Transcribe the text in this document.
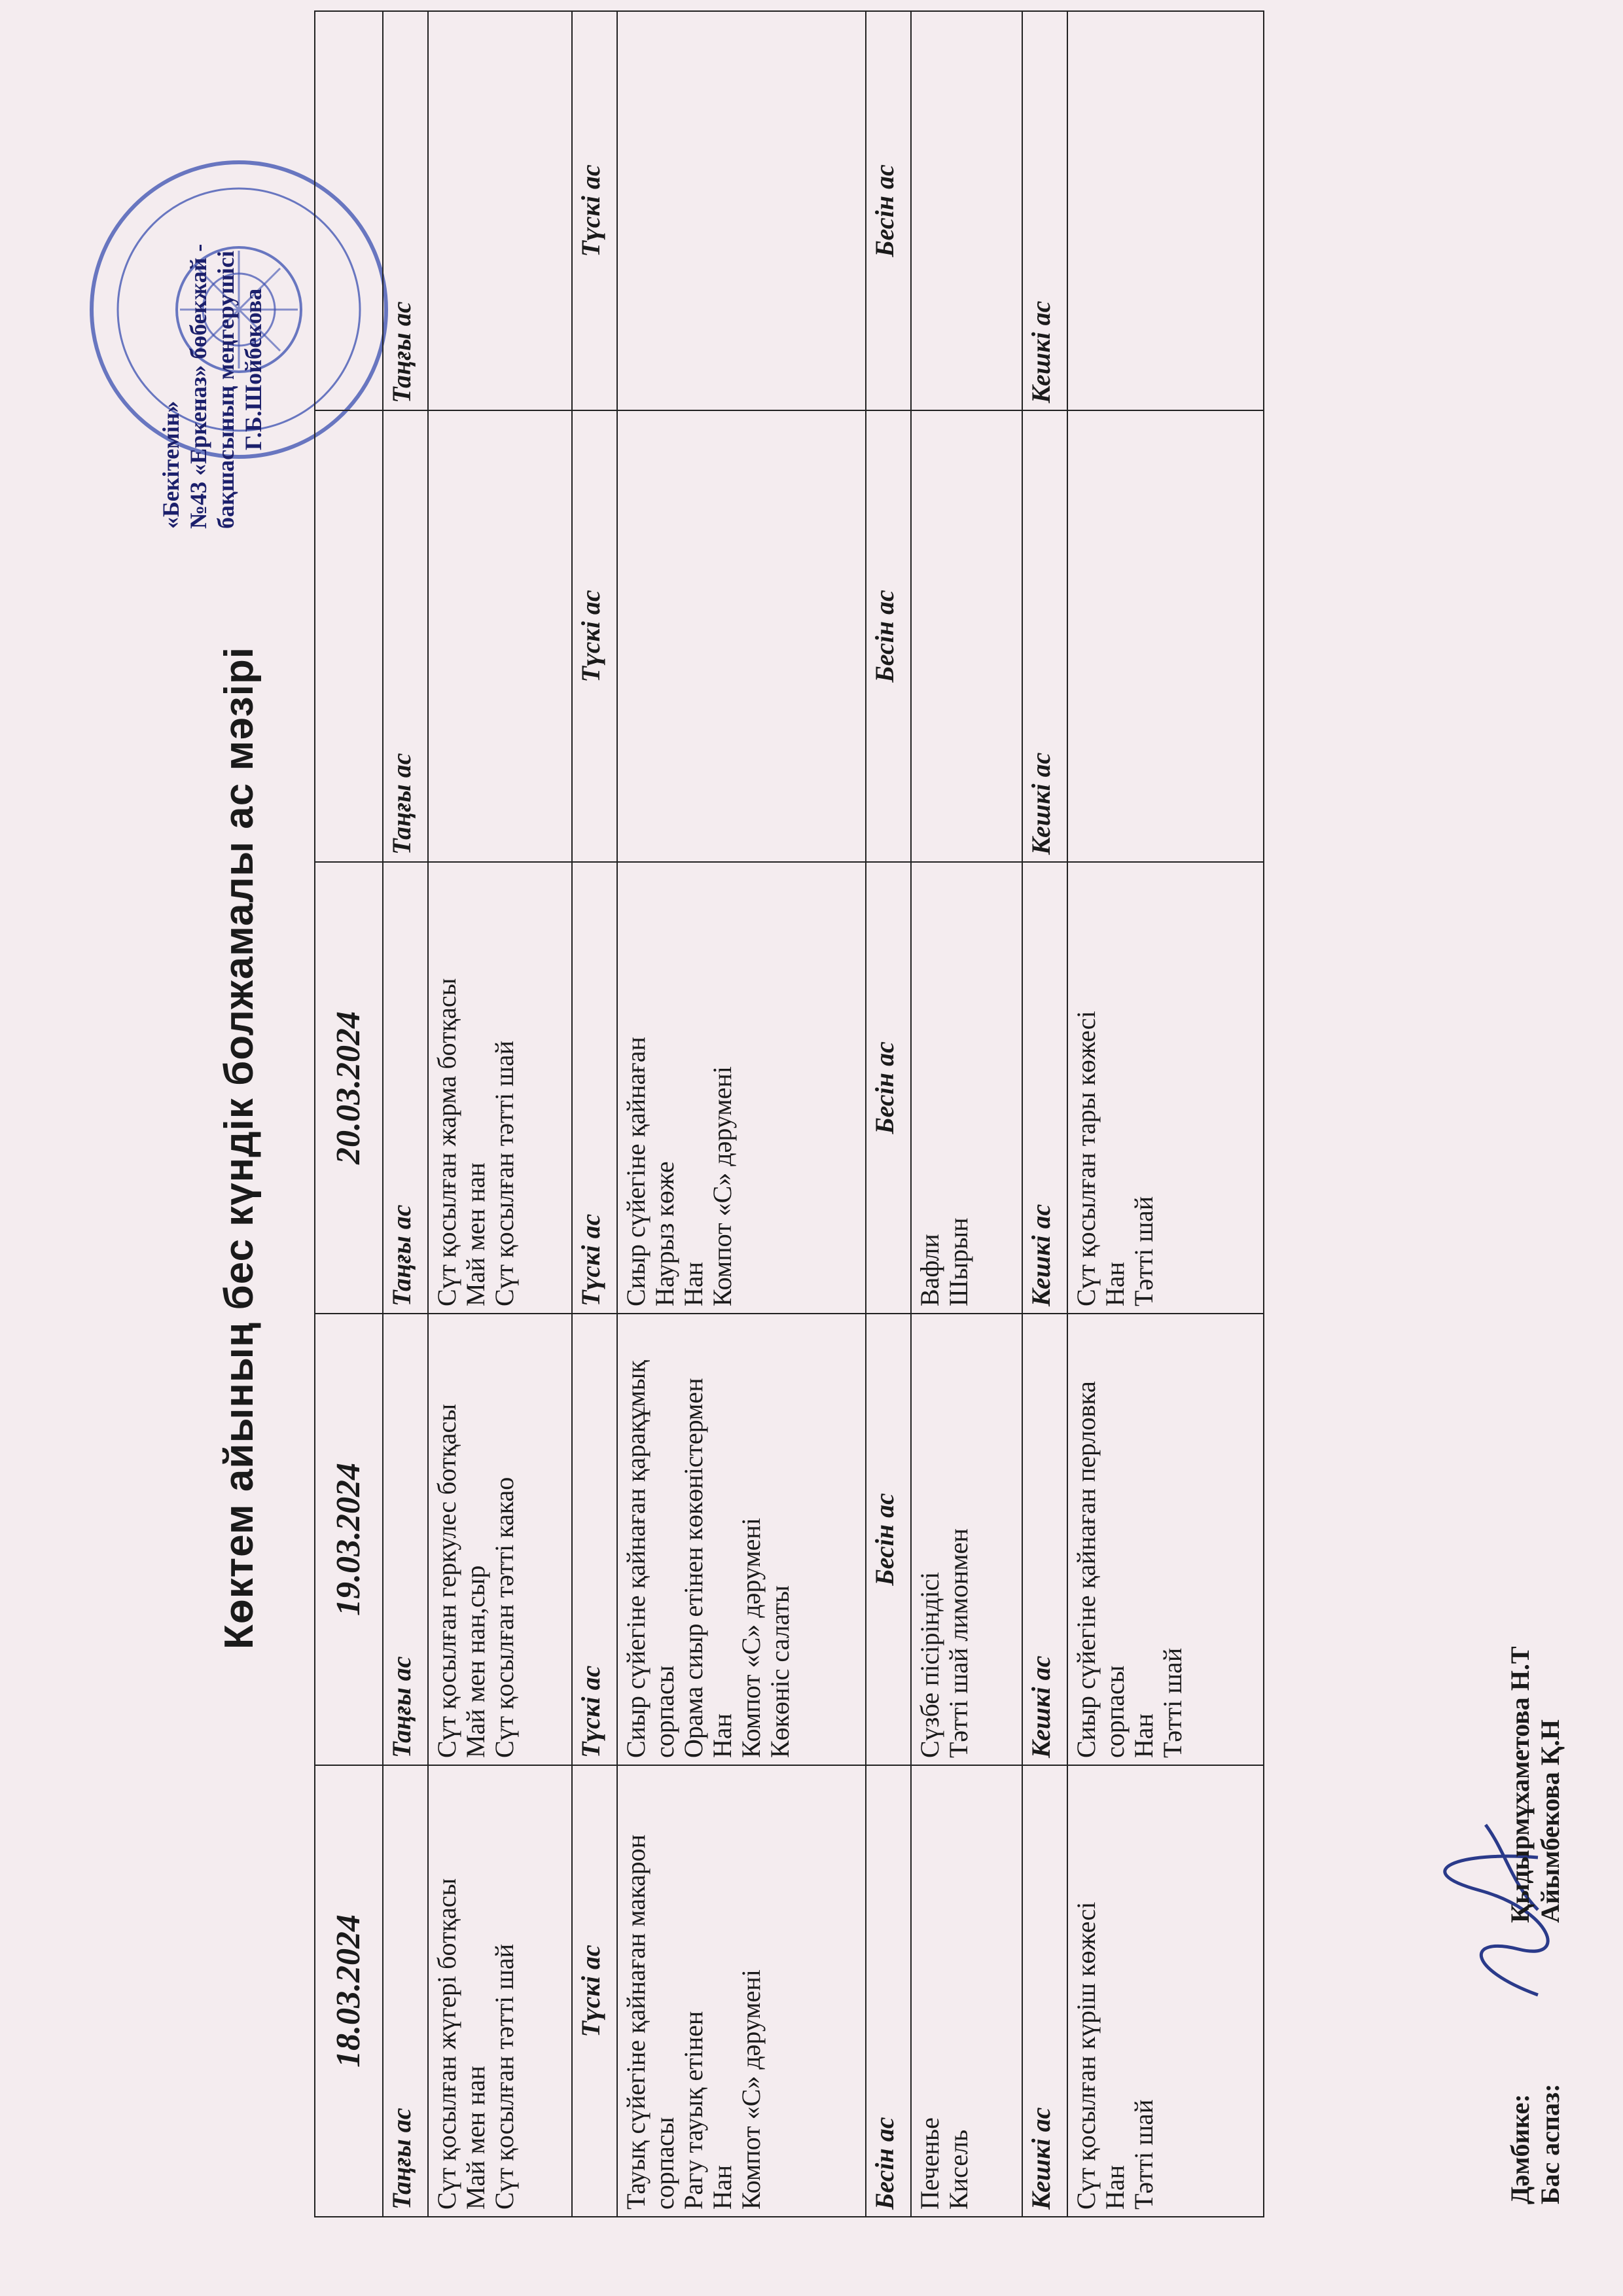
Көктем айының бес күндік болжамалы ас мәзірі
«Бекітемін» №43 «Еркеназ» бөбекжай - бақшасының меңгерушісі Г.Б.Шойбекова
18.03.2024	19.03.2024	20.03.2024		
Таңғы ас	Таңғы ас	Таңғы ас	Таңғы ас	Таңғы ас

Сүт қосылған жүгері ботқасы Май мен нан Сүт қосылған тәтті шай	Сүт қосылған геркулес ботқасы Май мен нан,сыр Сүт қосылған тәтті какао	Сүт қосылған жарма ботқасы Май мен нан Сүт қосылған тәтті шай		

Түскі ас	Түскі ас	Түскі ас	Түскі ас	Түскі ас

Тауық сүйегіне қайнаған макарон сорпасы Рагу тауық етінен Нан Компот «С» дәрумені	Сиыр сүйегіне қайнаған қарақұмық сорпасы Орама сиыр етінен көкөністермен Нан Компот «С» дәрумені Көкөніс салаты	Сиыр сүйегіне қайнаған Наурыз көже Нан Компот «С» дәрумені		

Бесін ас	Бесін ас	Бесін ас	Бесін ас	Бесін ас

Печенье Кисель	Сүзбе пісiрiндiсi Тәтті шай лимонмен	Вафли Шырын		

Кешкі ас	Кешкі ас	Кешкі ас	Кешкі ас	Кешкі ас

Сүт қосылған күріш көжесі Нан Тәтті шай	Сиыр сүйегіне қайнаған перловка сорпасы Нан Тәтті шай	Сүт қосылған тары көжесі Нан Тәтті шай		

Дәмбике: Қыдырмұхаметова Н.Т
Бас аспаз: Айымбекова Қ.Н
